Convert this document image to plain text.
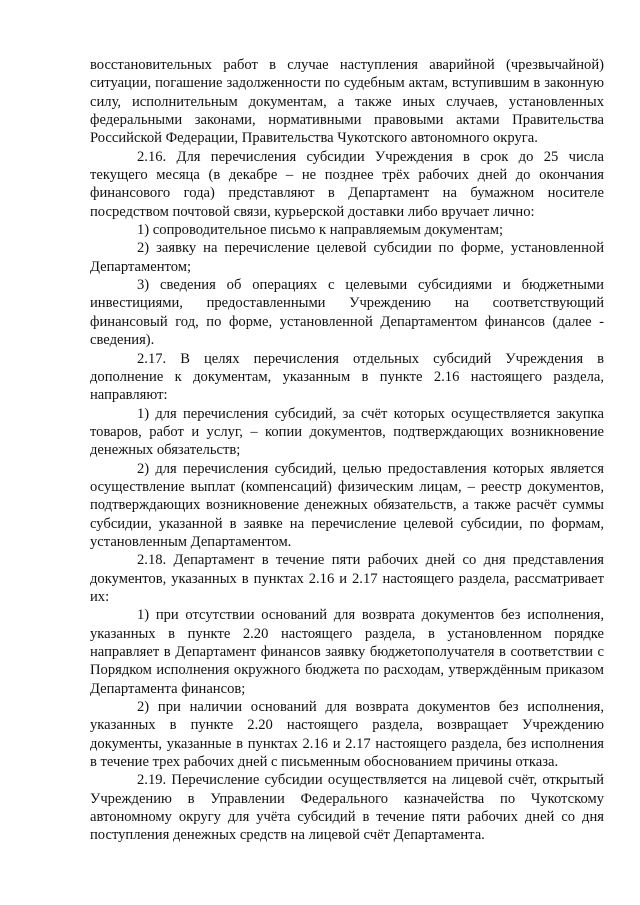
восстановительных работ в случае наступления аварийной (чрезвычайной) ситуации, погашение задолженности по судебным актам, вступившим в законную силу, исполнительным документам, а также иных случаев, установленных федеральными законами, нормативными правовыми актами Правительства Российской Федерации, Правительства Чукотского автономного округа.

2.16. Для перечисления субсидии Учреждения в срок до 25 числа текущего месяца (в декабре – не позднее трёх рабочих дней до окончания финансового года) представляют в Департамент на бумажном носителе посредством почтовой связи, курьерской доставки либо вручает лично:

1) сопроводительное письмо к направляемым документам;

2) заявку на перечисление целевой субсидии по форме, установленной Департаментом;

3) сведения об операциях с целевыми субсидиями и бюджетными инвестициями, предоставленными Учреждению на соответствующий финансовый год, по форме, установленной Департаментом финансов (далее - сведения).

2.17. В целях перечисления отдельных субсидий Учреждения в дополнение к документам, указанным в пункте 2.16 настоящего раздела, направляют:

1) для перечисления субсидий, за счёт которых осуществляется закупка товаров, работ и услуг, – копии документов, подтверждающих возникновение денежных обязательств;

2) для перечисления субсидий, целью предоставления которых является осуществление выплат (компенсаций) физическим лицам, – реестр документов, подтверждающих возникновение денежных обязательств, а также расчёт суммы субсидии, указанной в заявке на перечисление целевой субсидии, по формам, установленным Департаментом.

2.18. Департамент в течение пяти рабочих дней со дня представления документов, указанных в пунктах 2.16 и 2.17 настоящего раздела, рассматривает их:

1) при отсутствии оснований для возврата документов без исполнения, указанных в пункте 2.20 настоящего раздела, в установленном порядке направляет в Департамент финансов заявку бюджетополучателя в соответствии с Порядком исполнения окружного бюджета по расходам, утверждённым приказом Департамента финансов;

2) при наличии оснований для возврата документов без исполнения, указанных в пункте 2.20 настоящего раздела, возвращает Учреждению документы, указанные в пунктах 2.16 и 2.17 настоящего раздела, без исполнения в течение трех рабочих дней с письменным обоснованием причины отказа.

2.19. Перечисление субсидии осуществляется на лицевой счёт, открытый Учреждению в Управлении Федерального казначейства по Чукотскому автономному округу для учёта субсидий в течение пяти рабочих дней со дня поступления денежных средств на лицевой счёт Департамента.
